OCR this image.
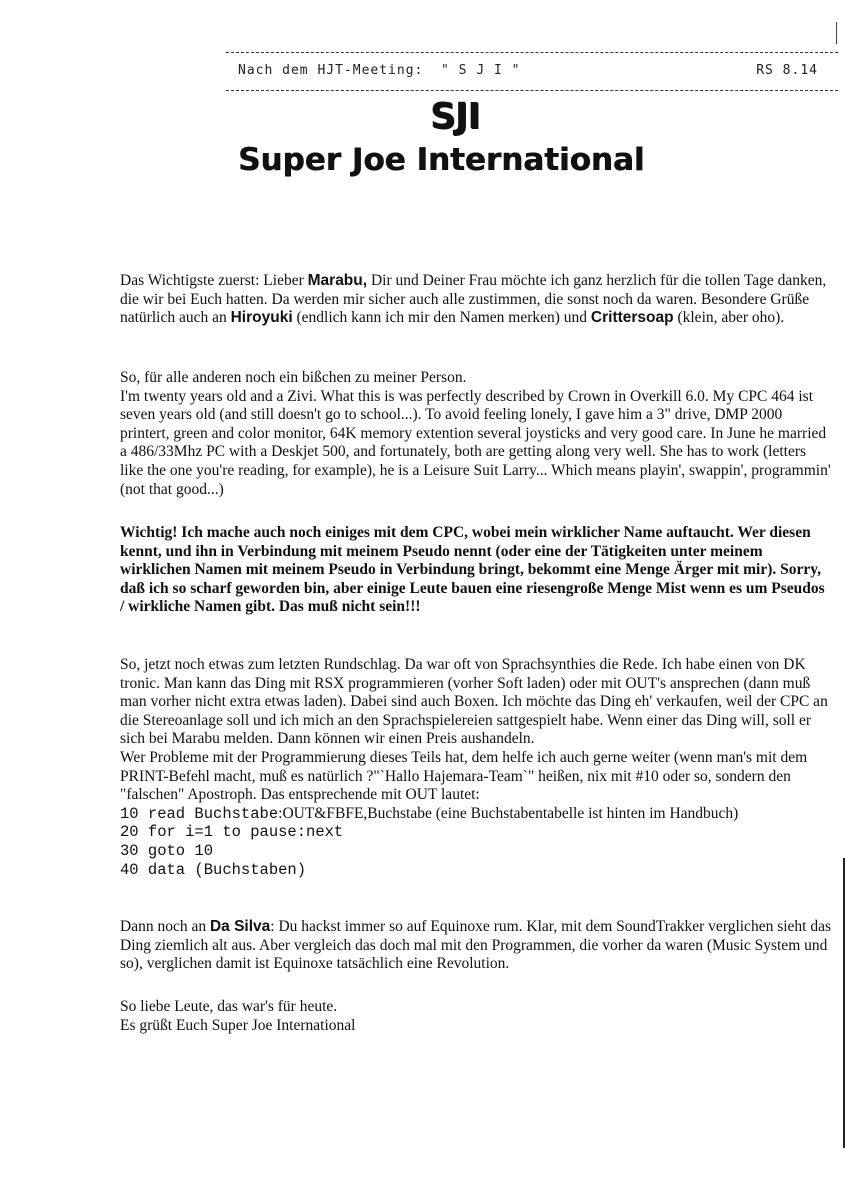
Nach dem HJT-Meeting:  " S J I "	RS 8.14
SJI
Super Joe International

Das Wichtigste zuerst: Lieber Marabu, Dir und Deiner Frau möchte ich ganz herzlich für die tollen Tage danken, die wir bei Euch hatten. Da werden mir sicher auch alle zustimmen, die sonst noch da waren. Besondere Grüße natürlich auch an Hiroyuki (endlich kann ich mir den Namen merken) und Crittersoap (klein, aber oho).

So, für alle anderen noch ein bißchen zu meiner Person.

I'm twenty years old and a Zivi. What this is was perfectly described by Crown in Overkill 6.0. My CPC 464 ist seven years old (and still doesn't go to school...). To avoid feeling lonely, I gave him a 3" drive, DMP 2000 printert, green and color monitor, 64K memory extention several joysticks and very good care. In June he married a 486/33Mhz PC with a Deskjet 500, and fortunately, both are getting along very well. She has to work (letters like the one you're reading, for example), he is a Leisure Suit Larry... Which means playin', swappin', programmin' (not that good...)

Wichtig! Ich mache auch noch einiges mit dem CPC, wobei mein wirklicher Name auftaucht. Wer diesen kennt, und ihn in Verbindung mit meinem Pseudo nennt (oder eine der Tätigkeiten unter meinem wirklichen Namen mit meinem Pseudo in Verbindung bringt, bekommt eine Menge Ärger mit mir). Sorry, daß ich so scharf geworden bin, aber einige Leute bauen eine riesengroße Menge Mist wenn es um Pseudos / wirkliche Namen gibt. Das muß nicht sein!!!

So, jetzt noch etwas zum letzten Rundschlag. Da war oft von Sprachsynthies die Rede. Ich habe einen von DK tronic. Man kann das Ding mit RSX programmieren (vorher Soft laden) oder mit OUT's ansprechen (dann muß man vorher nicht extra etwas laden). Dabei sind auch Boxen. Ich möchte das Ding eh' verkaufen, weil der CPC an die Stereoanlage soll und ich mich an den Sprachspielereien sattgespielt habe. Wenn einer das Ding will, soll er sich bei Marabu melden. Dann können wir einen Preis aushandeln.

Wer Probleme mit der Programmierung dieses Teils hat, dem helfe ich auch gerne weiter (wenn man's mit dem PRINT-Befehl macht, muß es natürlich ?"`Hallo Hajemara-Team`" heißen, nix mit #10 oder so, sondern den "falschen" Apostroph. Das entsprechende mit OUT lautet:

10 read Buchstabe:OUT&FBFE,Buchstabe (eine Buchstabentabelle ist hinten im Handbuch)

20 for i=1 to pause:next

30 goto 10

40 data (Buchstaben)

Dann noch an Da Silva: Du hackst immer so auf Equinoxe rum. Klar, mit dem SoundTrakker verglichen sieht das Ding ziemlich alt aus. Aber vergleich das doch mal mit den Programmen, die vorher da waren (Music System und so), verglichen damit ist Equinoxe tatsächlich eine Revolution.

So liebe Leute, das war's für heute.

Es grüßt Euch Super Joe International
